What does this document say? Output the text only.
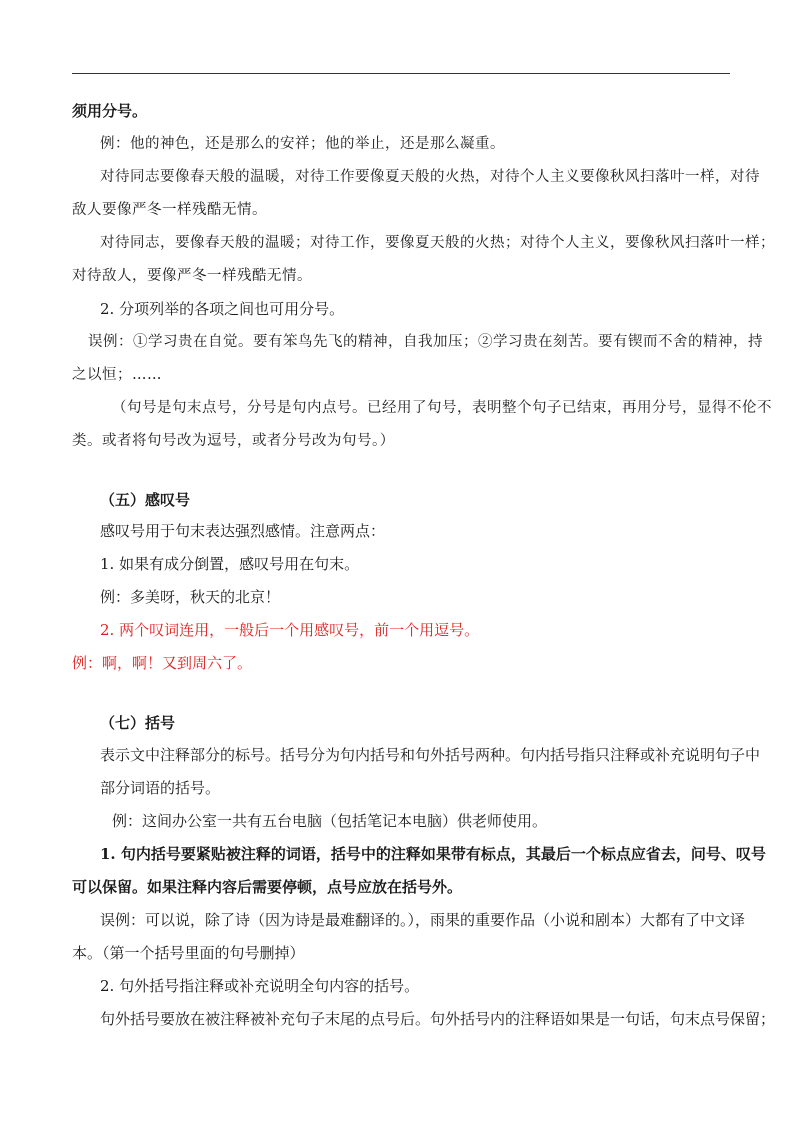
须用分号。
例：他的神色，还是那么的安祥；他的举止，还是那么凝重。
对待同志要像春天般的温暖，对待工作要像夏天般的火热，对待个人主义要像秋风扫落叶一样，对待
敌人要像严冬一样残酷无情。
对待同志，要像春天般的温暖；对待工作，要像夏天般的火热；对待个人主义，要像秋风扫落叶一样；
对待敌人，要像严冬一样残酷无情。
2. 分项列举的各项之间也可用分号。
误例：①学习贵在自觉。要有笨鸟先飞的精神，自我加压；②学习贵在刻苦。要有锲而不舍的精神，持
之以恒；……
（句号是句末点号，分号是句内点号。已经用了句号，表明整个句子已结束，再用分号，显得不伦不
类。或者将句号改为逗号，或者分号改为句号。）
（五）感叹号
感叹号用于句末表达强烈感情。注意两点：
1. 如果有成分倒置，感叹号用在句末。
例：多美呀，秋天的北京！
2. 两个叹词连用，一般后一个用感叹号，前一个用逗号。
例：啊，啊！又到周六了。
（七）括号
表示文中注释部分的标号。括号分为句内括号和句外括号两种。句内括号指只注释或补充说明句子中
部分词语的括号。
例：这间办公室一共有五台电脑（包括笔记本电脑）供老师使用。
1. 句内括号要紧贴被注释的词语，括号中的注释如果带有标点，其最后一个标点应省去，问号、叹号
可以保留。如果注释内容后需要停顿，点号应放在括号外。
误例：可以说，除了诗（因为诗是最难翻译的。），雨果的重要作品（小说和剧本）大都有了中文译
本。（第一个括号里面的句号删掉）
2. 句外括号指注释或补充说明全句内容的括号。
句外括号要放在被注释被补充句子末尾的点号后。句外括号内的注释语如果是一句话，句末点号保留；
